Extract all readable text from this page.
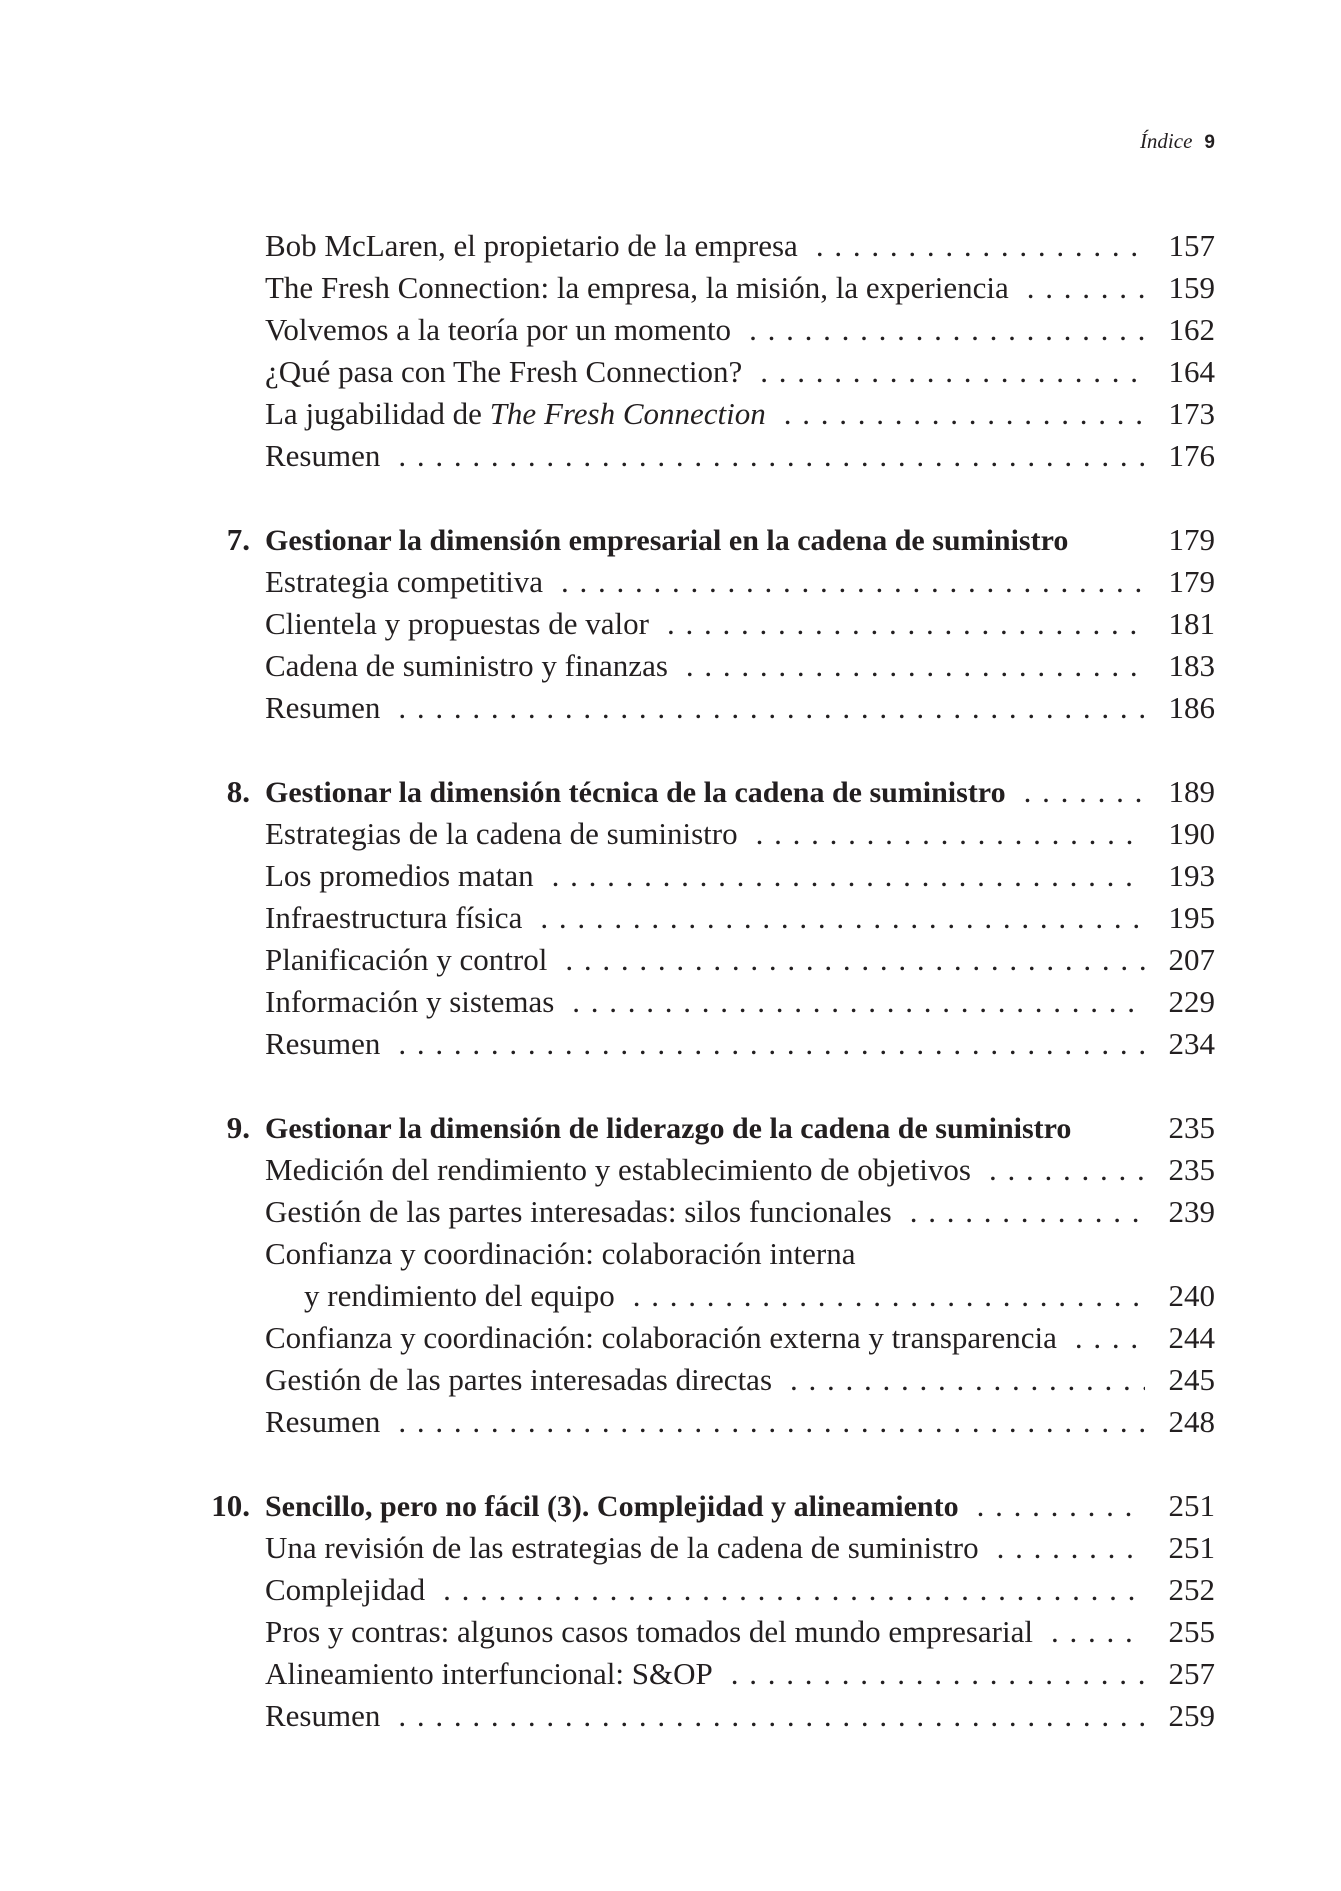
Índice 9
Bob McLaren, el propietario de la empresa . . .	157
The Fresh Connection: la empresa, la misión, la experiencia . . .	159
Volvemos a la teoría por un momento . . .	162
¿Qué pasa con The Fresh Connection? . . .	164
La jugabilidad de The Fresh Connection . . .	173
Resumen . . .	176
7. Gestionar la dimensión empresarial en la cadena de suministro	179
Estrategia competitiva . . .	179
Clientela y propuestas de valor . . .	181
Cadena de suministro y finanzas . . .	183
Resumen . . .	186
8. Gestionar la dimensión técnica de la cadena de suministro . . .	189
Estrategias de la cadena de suministro . . .	190
Los promedios matan . . .	193
Infraestructura física . . .	195
Planificación y control . . .	207
Información y sistemas . . .	229
Resumen . . .	234
9. Gestionar la dimensión de liderazgo de la cadena de suministro	235
Medición del rendimiento y establecimiento de objetivos . . .	235
Gestión de las partes interesadas: silos funcionales . . .	239
Confianza y coordinación: colaboración interna
y rendimiento del equipo . . .	240
Confianza y coordinación: colaboración externa y transparencia . . .	244
Gestión de las partes interesadas directas . . .	245
Resumen . . .	248
10. Sencillo, pero no fácil (3). Complejidad y alineamiento . . .	251
Una revisión de las estrategias de la cadena de suministro . . .	251
Complejidad . . .	252
Pros y contras: algunos casos tomados del mundo empresarial . . .	255
Alineamiento interfuncional: S&OP . . .	257
Resumen . . .	259
